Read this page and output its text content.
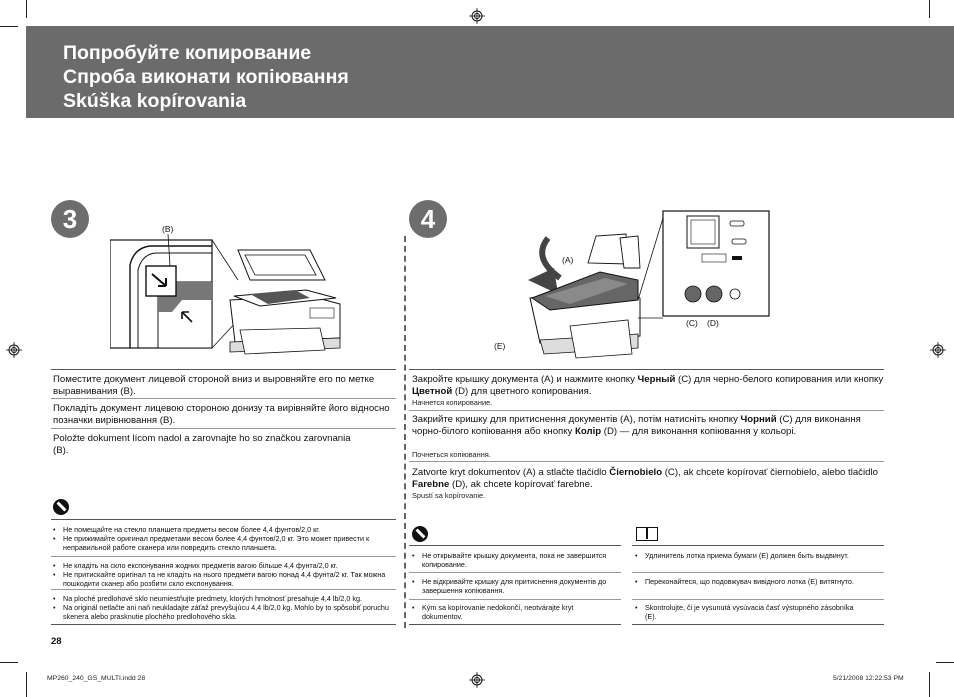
Попробуйте копирование
Спроба виконати копіювання
Skúška kopírovania
3	(B)
Поместите документ лицевой стороной вниз и выровняйте его по метке выравнивания (B).
Покладіть документ лицевою стороною донизу та вирівняйте його відносно позначки вирівнювання (B).
Položte dokument lícom nadol a zarovnajte ho so značkou zarovnania (B).
• Не помещайте на стекло планшета предметы весом более 4,4 фунтов/2,0 кг.
• Не прижимайте оригинал предметами весом более 4,4 фунтов/2,0 кг. Это может привести к неправильной работе сканера или повредить стекло планшета.
• Не кладіть на скло експонування жодних предметів вагою більше 4,4 фунта/2,0 кг.
• Не притискайте оригінал та не кладіть на нього предмети вагою понад 4,4 фунта/2 кг. Так можна пошкодити сканер або розбити скло експонування.
• Na ploché predlohové sklo neumiestňujte predmety, ktorých hmotnosť presahuje 4,4 lb/2,0 kg.
• Na originál netlačte ani naň neukladajte záťaž prevyšujúcu 4,4 lb/2,0 kg. Mohlo by to spôsobiť poruchu skenera alebo prasknutie plochého predlohového skla.
4
(A)
(C) (D)
(E)
Закройте крышку документа (A) и нажмите кнопку Черный (C) для черно-белого копирования или кнопку Цветной (D) для цветного копирования.
Начнется копирование.
Закрийте кришку для притиснення документів (A), потім натисніть кнопку Чорний (C) для виконання чорно-білого копіювання або кнопку Колір (D) — для виконання копіювання у кольорі.
Почнеться копіювання.
Zatvorte kryt dokumentov (A) a stlačte tlačidlo Čiernobielo (C), ak chcete kopírovať čiernobielo, alebo tlačidlo Farebne (D), ak chcete kopírovať farebne.
Spustí sa kopírovanie.
• Не открывайте крышку документа, пока не завершится копирование.
• Не відкривайте кришку для притиснення документів до завершення копіювання.
• Kým sa kopírovanie nedokončí, neotvárajte kryt dokumentov.
• Удлинитель лотка приема бумаги (E) должен быть выдвинут.
• Переконайтеся, що подовжувач вивідного лотка (E) витягнуто.
• Skontrolujte, či je vysunutá vysúvacia časť výstupného zásobníka (E).
28
MP260_240_GS_MULTI.indd 28	5/21/2008 12:22:53 PM
